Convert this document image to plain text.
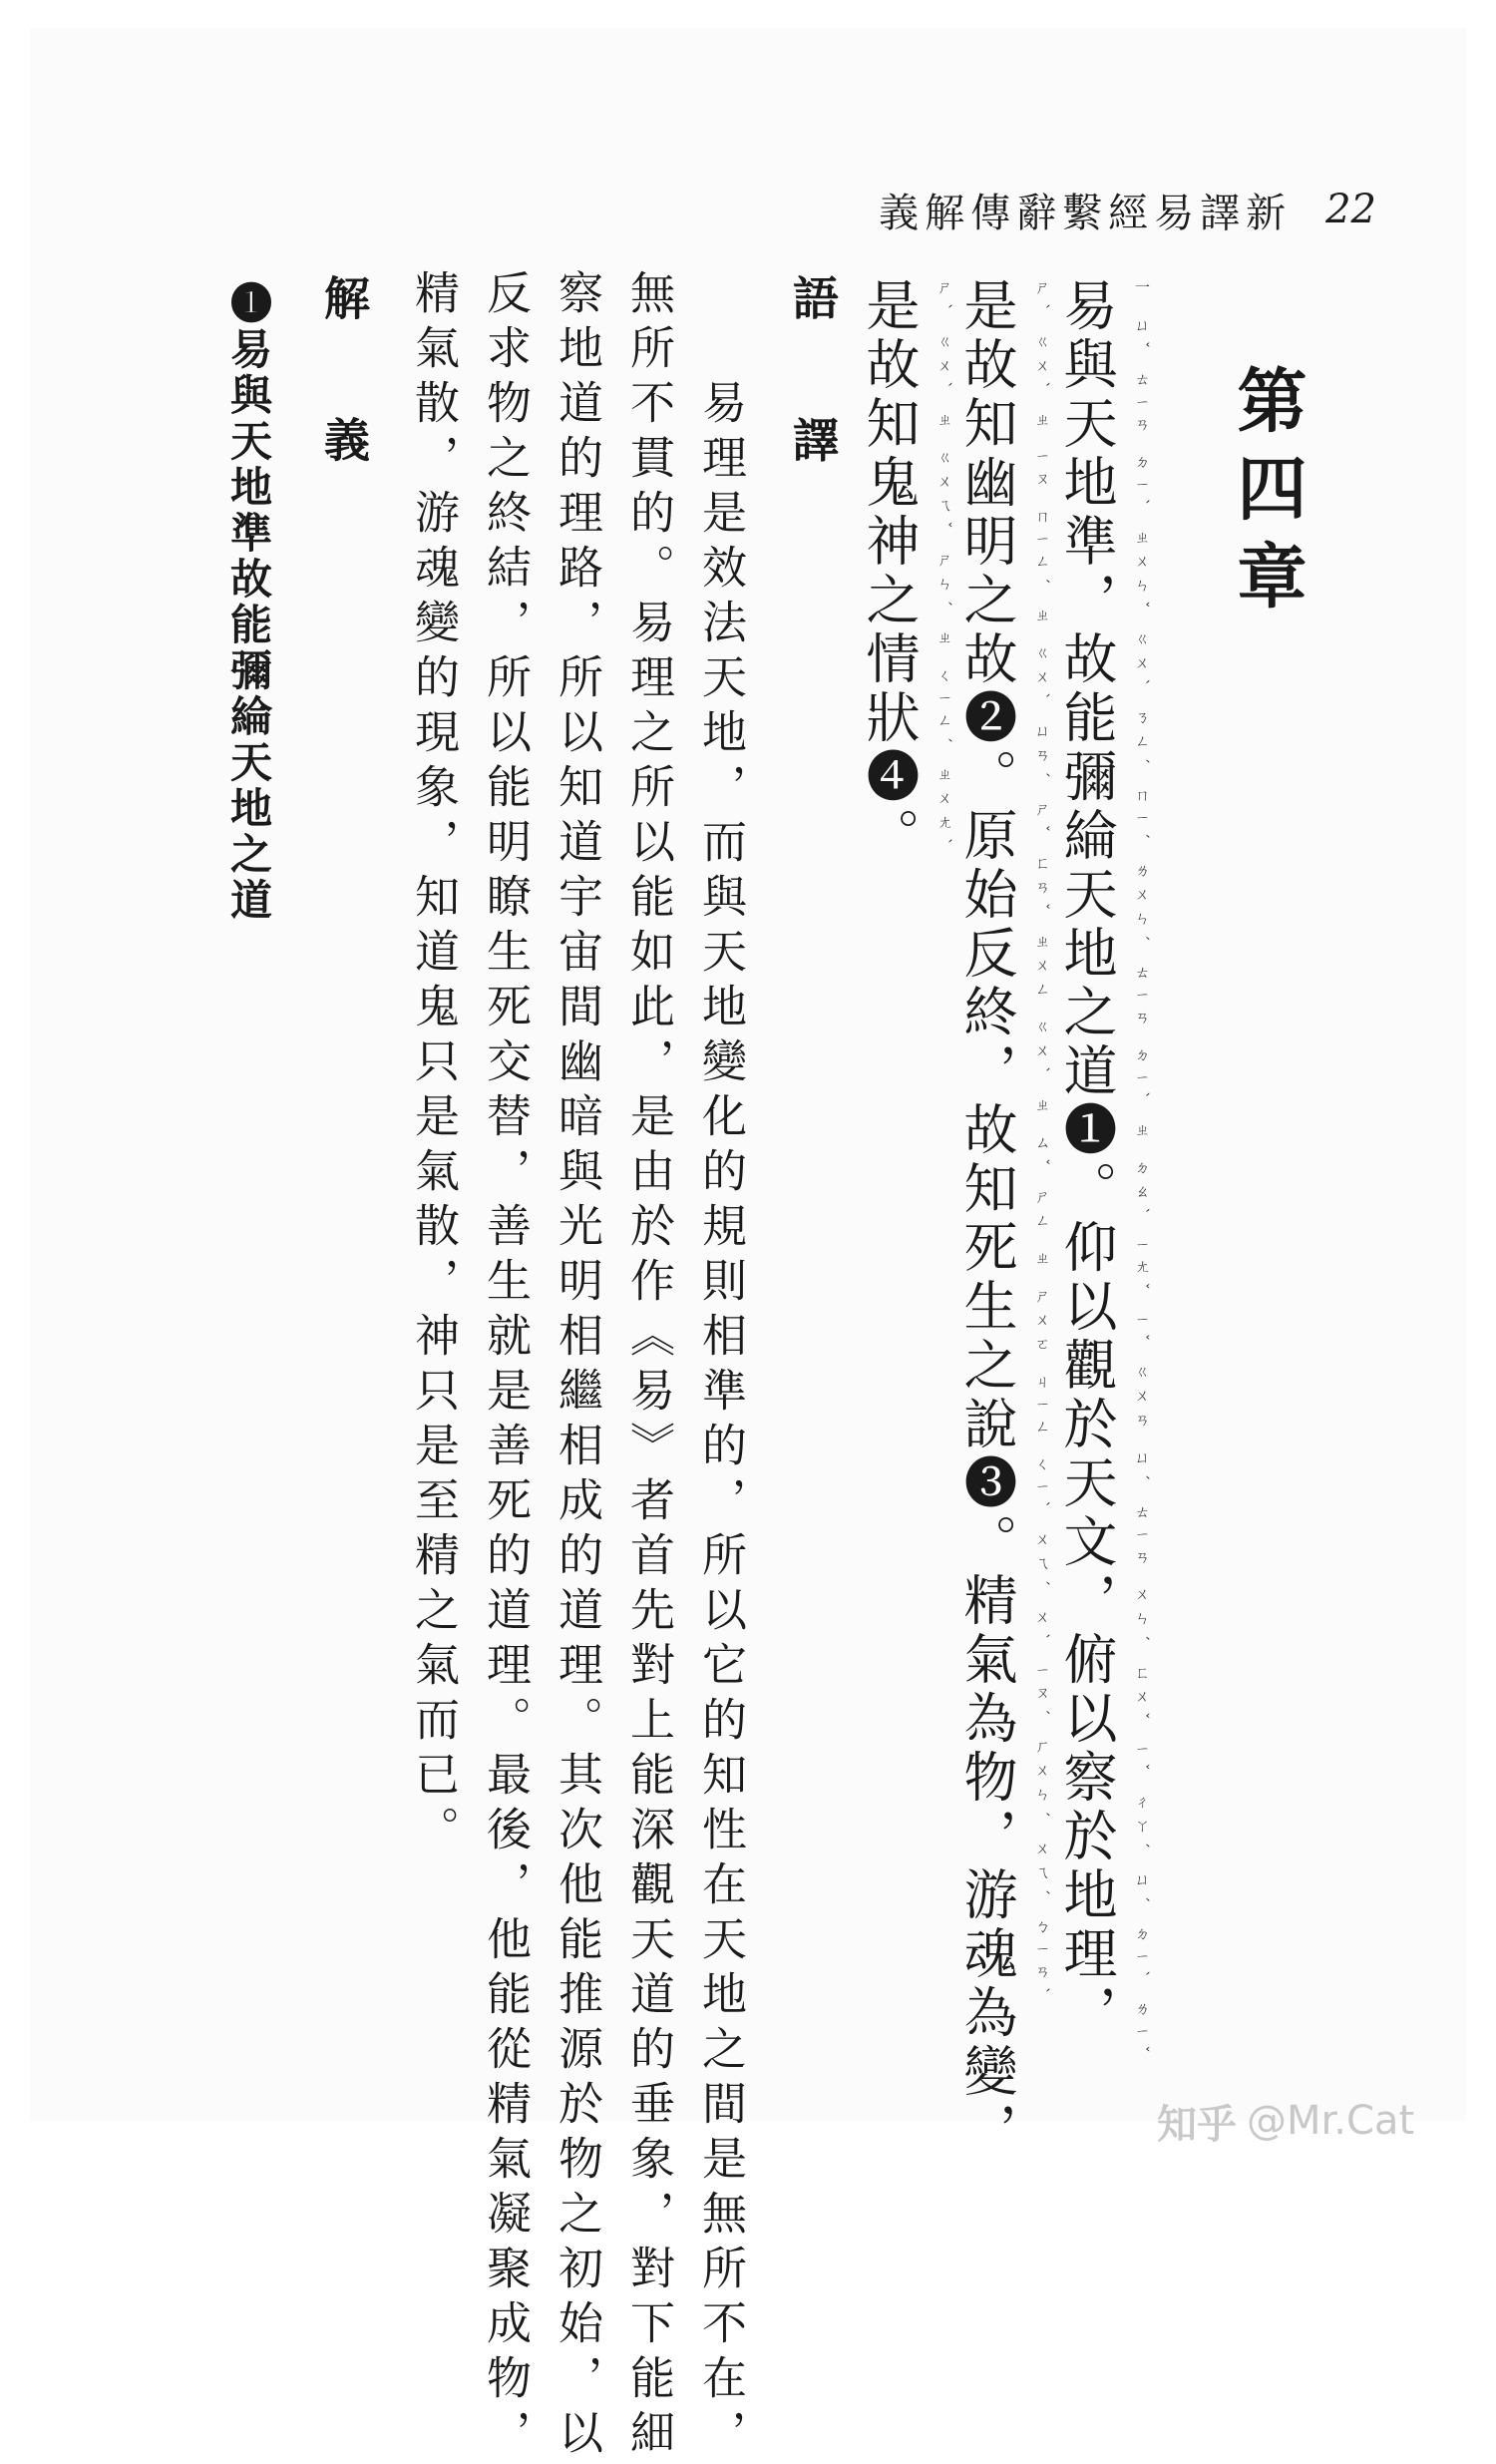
義解傳辭繫經易譯新 22
第四章
易與天地準，故能彌綸天地之道❶。仰以觀於天文，俯以察於地理，	一 ㄩˇ ㄊㄧㄢ ㄉㄧˋ ㄓㄨㄣˇ ㄍㄨˋ ㄋㄥˊ ㄇㄧˊ ㄌㄨㄣˊ ㄊㄧㄢ ㄉㄧˋ ㄓ ㄉㄠˋ ㄧㄤˇ ㄧˇ ㄍㄨㄢ ㄩˊ ㄊㄧㄢ ㄨㄣˊ ㄈㄨˇ ㄧˇ ㄔㄚˊ ㄩˊ ㄉㄧˋ ㄌㄧˇ
是故知幽明之故❷。原始反終，故知死生之說❸。精氣為物，游魂為變，	ㄕˋ ㄍㄨˋ ㄓ ㄧㄡ ㄇㄧㄥˊ ㄓ ㄍㄨˋ ㄩㄢˊ ㄕˇ ㄈㄢˇ ㄓㄨㄥ ㄍㄨˋ ㄓ ㄙˇ ㄕㄥ ㄓ ㄕㄨㄛ ㄐㄧㄥ ㄑㄧˋ ㄨㄟˊ ㄨˋ ㄧㄡˊ ㄏㄨㄣˊ ㄨㄟˊ ㄅㄧㄢˋ
是故知鬼神之情狀❹。	ㄕˋ ㄍㄨˋ ㄓ ㄍㄨㄟˇ ㄕㄣˊ ㄓ ㄑㄧㄥˊ ㄓㄨㄤˋ
語 譯
　易理是效法天地，而與天地變化的規則相準的，所以它的知性在天地之間是無所不在，
無所不貫的。易理之所以能如此，是由於作《易》者首先對上能深觀天道的垂象，對下能細
察地道的理路，所以知道宇宙間幽暗與光明相繼相成的道理。其次他能推源於物之初始，以
反求物之終結，所以能明瞭生死交替，善生就是善死的道理。最後，他能從精氣凝聚成物，
精氣散，游魂變的現象，知道鬼只是氣散，神只是至精之氣而已。
解 義
❶易與天地準故能彌綸天地之道
知乎 @Mr.Cat
